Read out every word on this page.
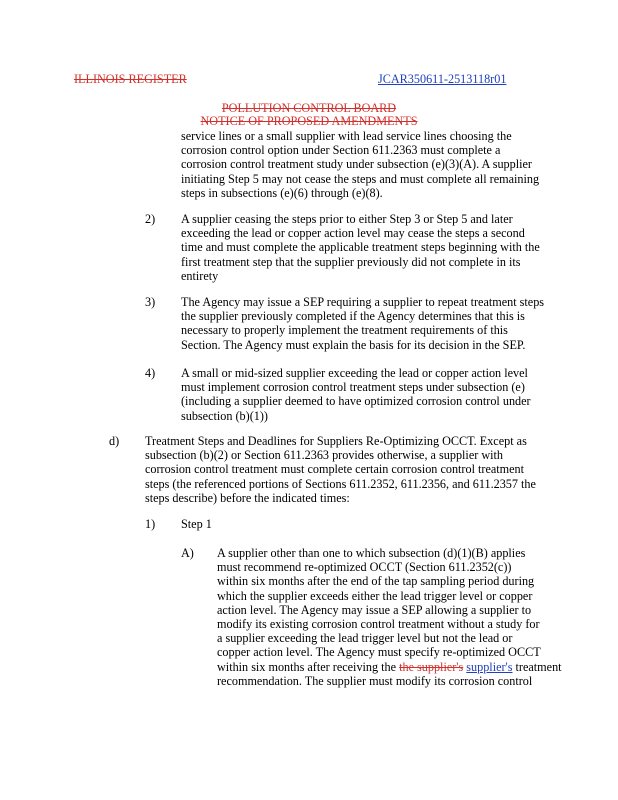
ILLINOIS REGISTER	JCAR350611-2513118r01
POLLUTION CONTROL BOARD
NOTICE OF PROPOSED AMENDMENTS
service lines or a small supplier with lead service lines choosing the
corrosion control option under Section 611.2363 must complete a
corrosion control treatment study under subsection (e)(3)(A). A supplier
initiating Step 5 may not cease the steps and must complete all remaining
steps in subsections (e)(6) through (e)(8).
2) A supplier ceasing the steps prior to either Step 3 or Step 5 and later
exceeding the lead or copper action level may cease the steps a second
time and must complete the applicable treatment steps beginning with the
first treatment step that the supplier previously did not complete in its
entirety
3) The Agency may issue a SEP requiring a supplier to repeat treatment steps
the supplier previously completed if the Agency determines that this is
necessary to properly implement the treatment requirements of this
Section. The Agency must explain the basis for its decision in the SEP.
4) A small or mid-sized supplier exceeding the lead or copper action level
must implement corrosion control treatment steps under subsection (e)
(including a supplier deemed to have optimized corrosion control under
subsection (b)(1))
d) Treatment Steps and Deadlines for Suppliers Re-Optimizing OCCT. Except as
subsection (b)(2) or Section 611.2363 provides otherwise, a supplier with
corrosion control treatment must complete certain corrosion control treatment
steps (the referenced portions of Sections 611.2352, 611.2356, and 611.2357 the
steps describe) before the indicated times:
1) Step 1
A) A supplier other than one to which subsection (d)(1)(B) applies
must recommend re-optimized OCCT (Section 611.2352(c))
within six months after the end of the tap sampling period during
which the supplier exceeds either the lead trigger level or copper
action level. The Agency may issue a SEP allowing a supplier to
modify its existing corrosion control treatment without a study for
a supplier exceeding the lead trigger level but not the lead or
copper action level. The Agency must specify re-optimized OCCT
within six months after receiving the the supplier's supplier's treatment
recommendation. The supplier must modify its corrosion control
